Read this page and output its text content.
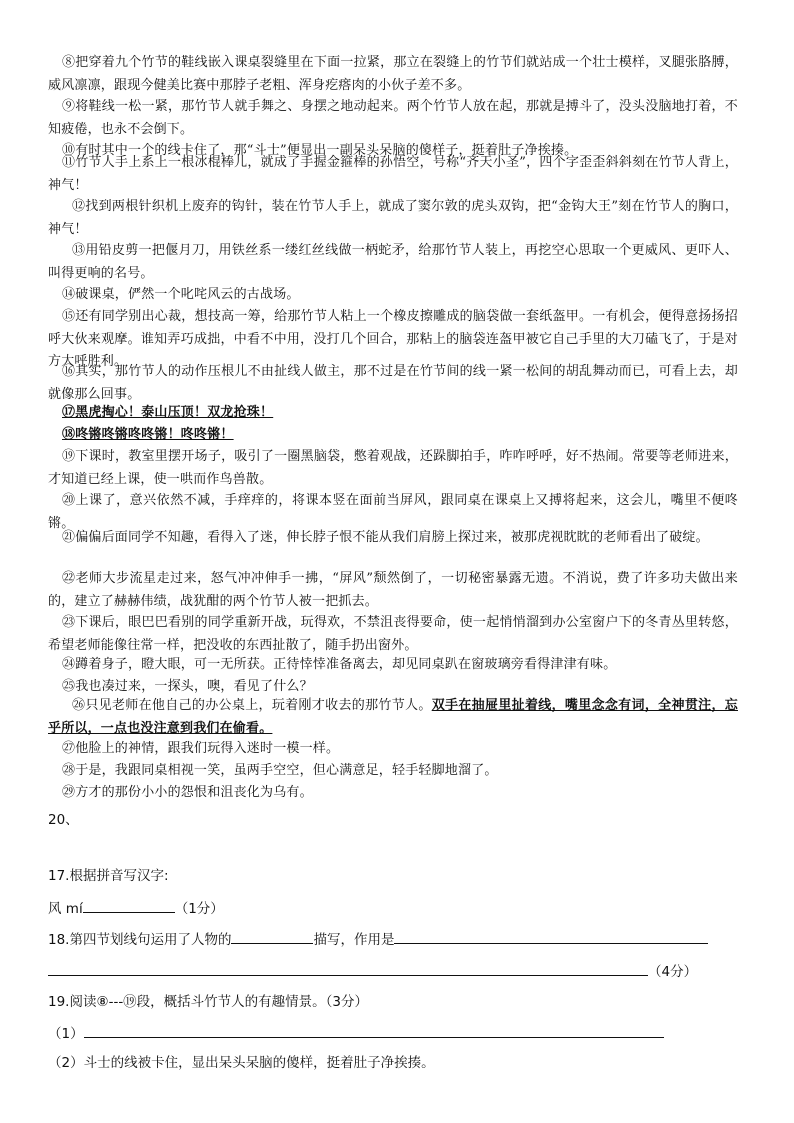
⑧把穿着九个竹节的鞋线嵌入课桌裂缝里在下面一拉紧，那立在裂缝上的竹节们就站成一个壮士模样，叉腿张胳膊，威风凛凛，跟现今健美比赛中那脖子老粗、浑身疙瘩肉的小伙子差不多。
⑨将鞋线一松一紧，那竹节人就手舞之、身摆之地动起来。两个竹节人放在起，那就是搏斗了，没头没脑地打着，不知疲倦，也永不会倒下。
⑩有时其中一个的线卡住了，那“斗士”便显出一副呆头呆脑的傻样子，挺着肚子净挨揍。
⑪竹节人手上系上一根冰棍棒儿，就成了手握金箍棒的孙悟空，号称“齐天小圣”，四个字歪歪斜斜刻在竹节人背上，神气！
⑫找到两根针织机上废弃的钩针，装在竹节人手上，就成了窦尔敦的虎头双钩，把“金钩大王”刻在竹节人的胸口，神气！
⑬用铅皮剪一把偃月刀，用铁丝系一缕红丝线做一柄蛇矛，给那竹节人装上，再挖空心思取一个更威风、更吓人、叫得更响的名号。
⑭破课桌，俨然一个叱咤风云的古战场。
⑮还有同学别出心裁，想技高一筹，给那竹节人粘上一个橡皮擦雕成的脑袋做一套纸盔甲。一有机会，便得意扬扬招呼大伙来观摩。谁知弄巧成拙，中看不中用，没打几个回合，那粘上的脑袋连盔甲被它自己手里的大刀磕飞了，于是对方大呼胜利。
⑯其实，那竹节人的动作压根儿不由扯线人做主，那不过是在竹节间的线一紧一松间的胡乱舞动而已，可看上去，却就像那么回事。
⑰黑虎掏心！泰山压顶！双龙抢珠！
⑱咚锵咚锵咚咚锵！咚咚锵！
⑲下课时，教室里摆开场子，吸引了一圈黑脑袋，憋着观战，还跺脚拍手，咋咋呼呼，好不热闹。常要等老师进来，才知道已经上课，使一哄而作鸟兽散。
⑳上课了，意兴依然不减，手痒痒的，将课本竖在面前当屏风，跟同桌在课桌上又搏将起来，这会儿，嘴里不便咚锵。
㉑偏偏后面同学不知趣，看得入了迷，伸长脖子恨不能从我们肩膀上探过来，被那虎视眈眈的老师看出了破绽。
㉒老师大步流星走过来，怒气冲冲伸手一拂，“屏风”颓然倒了，一切秘密暴露无遗。不消说，费了许多功夫做出来的，建立了赫赫伟绩，战犹酣的两个竹节人被一把抓去。
㉓下课后，眼巴巴看别的同学重新开战，玩得欢，不禁沮丧得要命，使一起悄悄溜到办公室窗户下的冬青丛里转悠，希望老师能像往常一样，把没收的东西扯散了，随手扔出窗外。
㉔蹲着身子，瞪大眼，可一无所获。正待悻悻准备离去，却见同桌趴在窗玻璃旁看得津津有味。
㉕我也凑过来，一探头，噢，看见了什么？
㉖只见老师在他自己的办公桌上，玩着刚才收去的那竹节人。双手在抽屉里扯着线，嘴里念念有词，全神贯注，忘乎所以，一点也没注意到我们在偷看。
㉗他脸上的神情，跟我们玩得入迷时一模一样。
㉘于是，我跟同桌相视一笑，虽两手空空，但心满意足，轻手轻脚地溜了。
㉙方才的那份小小的怨恨和沮丧化为乌有。
20、
17.根据拼音写汉字:
风 mí	（1分）
18.第四节划线句运用了人物的	描写，作用是
（4分）
19.阅读⑧---⑲段，概括斗竹节人的有趣情景。（3分）
（1）
（2）斗士的线被卡住，显出呆头呆脑的傻样，挺着肚子净挨揍。
